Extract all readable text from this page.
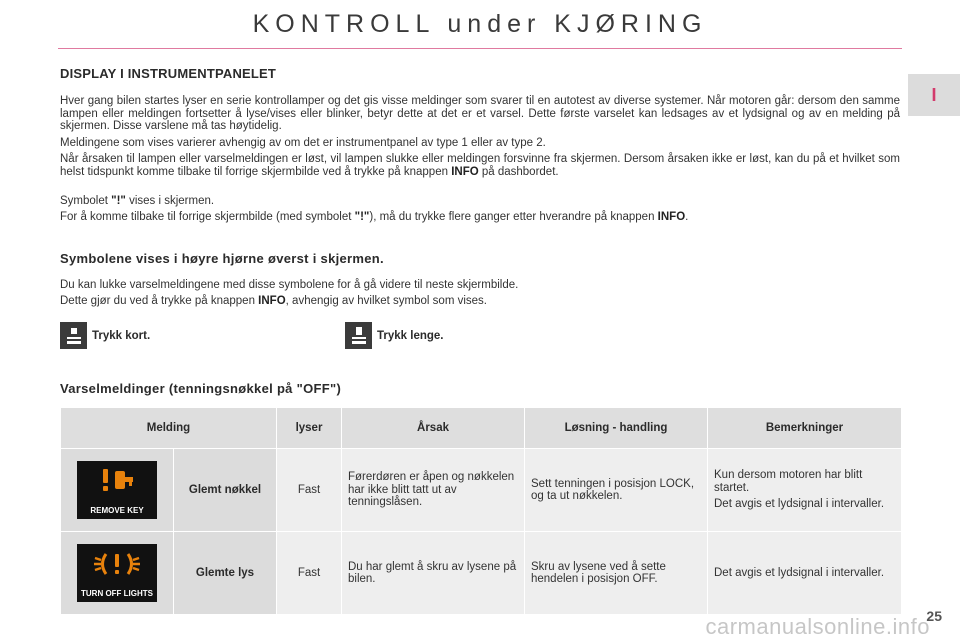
KONTROLL under KJØRING
I
DISPLAY I INSTRUMENTPANELET
Hver gang bilen startes lyser en serie kontrollamper og det gis visse meldinger som svarer til en autotest av diverse systemer. Når motoren går: dersom den samme lampen eller meldingen fortsetter å lyse/vises eller blinker, betyr dette at det er et varsel. Dette første varselet kan ledsages av et lydsignal og av en melding på skjermen. Disse varslene må tas høytidelig.
Meldingene som vises varierer avhengig av om det er instrumentpanel av type 1 eller av type 2.
Når årsaken til lampen eller varselmeldingen er løst, vil lampen slukke eller meldingen forsvinne fra skjermen. Dersom årsaken ikke er løst, kan du på et hvilket som helst tidspunkt komme tilbake til forrige skjermbilde ved å trykke på knappen INFO på dashbordet.
Symbolet "!" vises i skjermen.
For å komme tilbake til forrige skjermbilde (med symbolet "!"), må du trykke flere ganger etter hverandre på knappen INFO.
Symbolene vises i høyre hjørne øverst i skjermen.
Du kan lukke varselmeldingene med disse symbolene for å gå videre til neste skjermbilde.
Dette gjør du ved å trykke på knappen INFO, avhengig av hvilket symbol som vises.
Trykk kort.	Trykk lenge.
Varselmeldinger (tenningsnøkkel på "OFF")
Melding		lyser	Årsak	Løsning - handling	Bemerkninger

REMOVE KEY	Glemt nøkkel	Fast	Førerdøren er åpen og nøkkelen har ikke blitt tatt ut av tenningslåsen.	Sett tenningen i posisjon LOCK, og ta ut nøkkelen.	Kun dersom motoren har blitt startet.

Det avgis et lydsignal i intervaller.

TURN OFF LIGHTS	Glemte lys	Fast	Du har glemt å skru av lysene på bilen.	Skru av lysene ved å sette hendelen i posisjon OFF.	Det avgis et lydsignal i intervaller.

25
carmanualsonline.info
